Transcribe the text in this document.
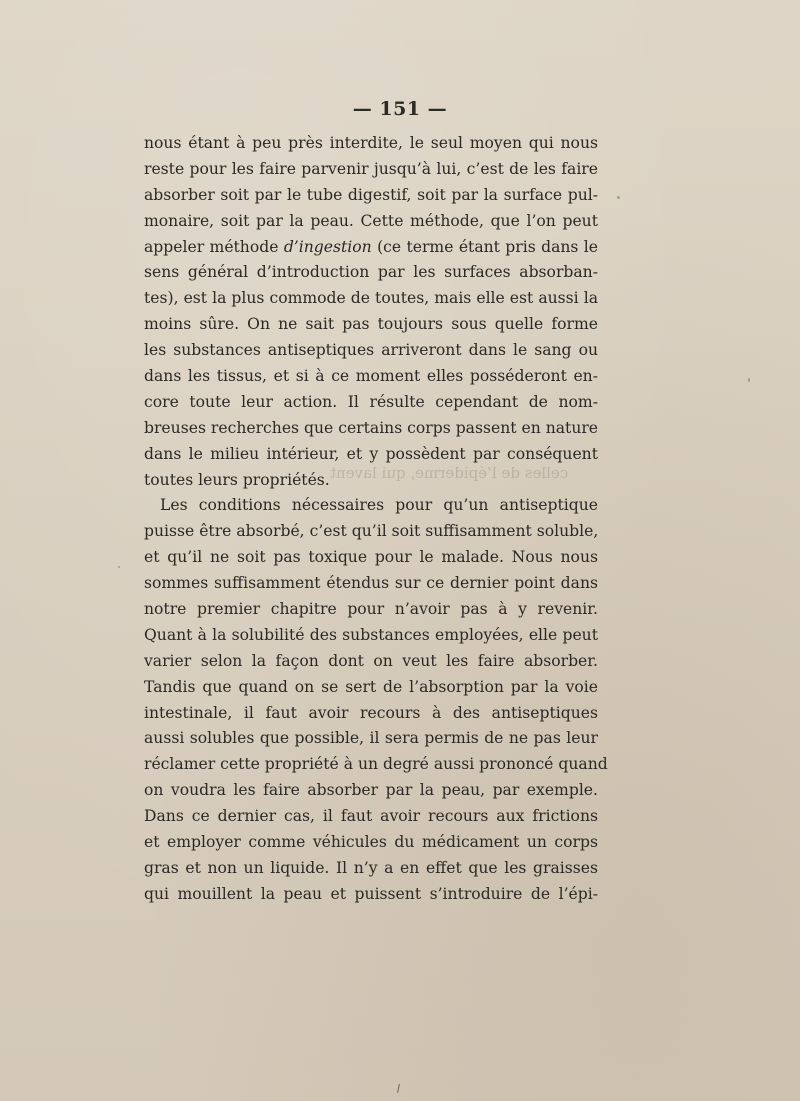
— 151 —
celles de l’épiderme, qui lavent
nous étant à peu près interdite, le seul moyen qui nous
reste pour les faire parvenir jusqu’à lui, c’est de les faire
absorber soit par le tube digestif, soit par la surface pul-
monaire, soit par la peau. Cette méthode, que l’on peut
appeler méthode d’ingestion (ce terme étant pris dans le
sens général d’introduction par les surfaces absorban-
tes), est la plus commode de toutes, mais elle est aussi la
moins sûre. On ne sait pas toujours sous quelle forme
les substances antiseptiques arriveront dans le sang ou
dans les tissus, et si à ce moment elles posséderont en-
core toute leur action. Il résulte cependant de nom-
breuses recherches que certains corps passent en nature
dans le milieu intérieur, et y possèdent par conséquent
toutes leurs propriétés.
Les conditions nécessaires pour qu’un antiseptique
puisse être absorbé, c’est qu’il soit suffisamment soluble,
et qu’il ne soit pas toxique pour le malade. Nous nous
sommes suffisamment étendus sur ce dernier point dans
notre premier chapitre pour n’avoir pas à y revenir.
Quant à la solubilité des substances employées, elle peut
varier selon la façon dont on veut les faire absorber.
Tandis que quand on se sert de l’absorption par la voie
intestinale, il faut avoir recours à des antiseptiques
aussi solubles que possible, il sera permis de ne pas leur
réclamer cette propriété à un degré aussi prononcé quand
on voudra les faire absorber par la peau, par exemple.
Dans ce dernier cas, il faut avoir recours aux frictions
et employer comme véhicules du médicament un corps
gras et non un liquide. Il n’y a en effet que les graisses
qui mouillent la peau et puissent s’introduire de l’épi-
